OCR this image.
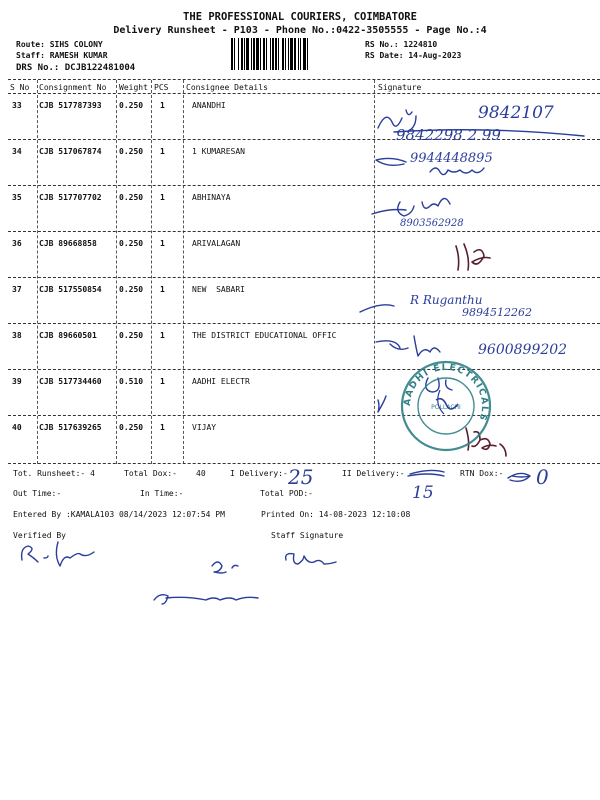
THE PROFESSIONAL COURIERS, COIMBATORE
Delivery Runsheet - P103 - Phone No.:0422-3505555 - Page No.:4
Route: SIHS COLONY
Staff: RAMESH KUMAR
DRS No.: DCJB122481004
RS No.: 1224810
RS Date: 14-Aug-2023
S No Consignment No Weight PCS Consignee Details	Signature
33 CJB 517787393 0.250 1	ANANDHI
34 CJB 517067874 0.250 1	1 KUMARESAN
35 CJB 517707702 0.250 1	ABHINAYA
36 CJB 89668858	0.250 1	ARIVALAGAN
37 CJB 517550854 0.250 1	NEW  SABARI
38 CJB 89660501	0.250 1	THE DISTRICT EDUCATIONAL OFFIC
39 CJB 517734460 0.510 1	AADHI ELECTR
40 CJB 517639265 0.250 1	VIJAY
9842107
9842298 2 99
9944448895
8903562928
R Ruganthu
9894512262
9600899202
25
15
0
AADHI ELECTRICALS
POLLACHI
Tot. Runsheet:- 4	Total Dox:- 40	I Delivery:-	II Delivery:-	RTN Dox:-
Out Time:-	In Time:-	Total POD:-
Entered By :KAMALA103 08/14/2023 12:07:54 PM	Printed On: 14-08-2023 12:10:08
Verified By	Staff Signature
